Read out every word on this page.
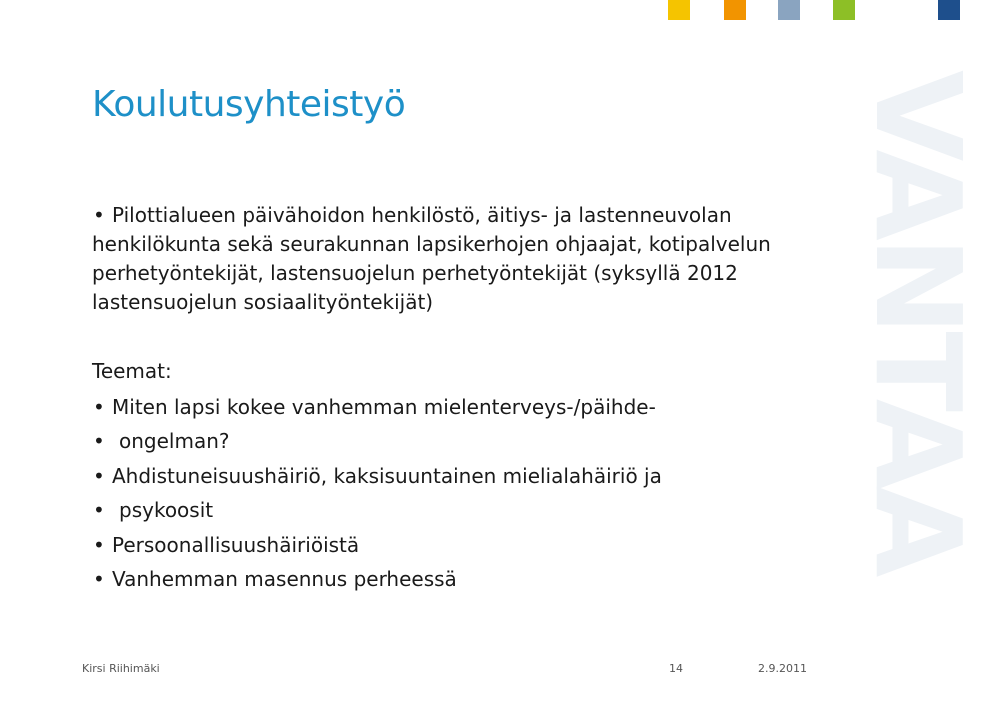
Koulutusyhteistyö
• Pilottialueen päivähoidon henkilöstö, äitiys- ja lastenneuvolan
henkilökunta sekä seurakunnan lapsikerhojen ohjaajat, kotipalvelun
perhetyöntekijät, lastensuojelun perhetyöntekijät (syksyllä 2012
lastensuojelun sosiaalityöntekijät)
Teemat:
• Miten lapsi kokee vanhemman mielenterveys-/päihde-
• ongelman?
• Ahdistuneisuushäiriö, kaksisuuntainen mielialahäiriö ja
• psykoosit
• Persoonallisuushäiriöistä
• Vanhemman masennus perheessä
VANTAA
Kirsi Riihimäki	14	2.9.2011
